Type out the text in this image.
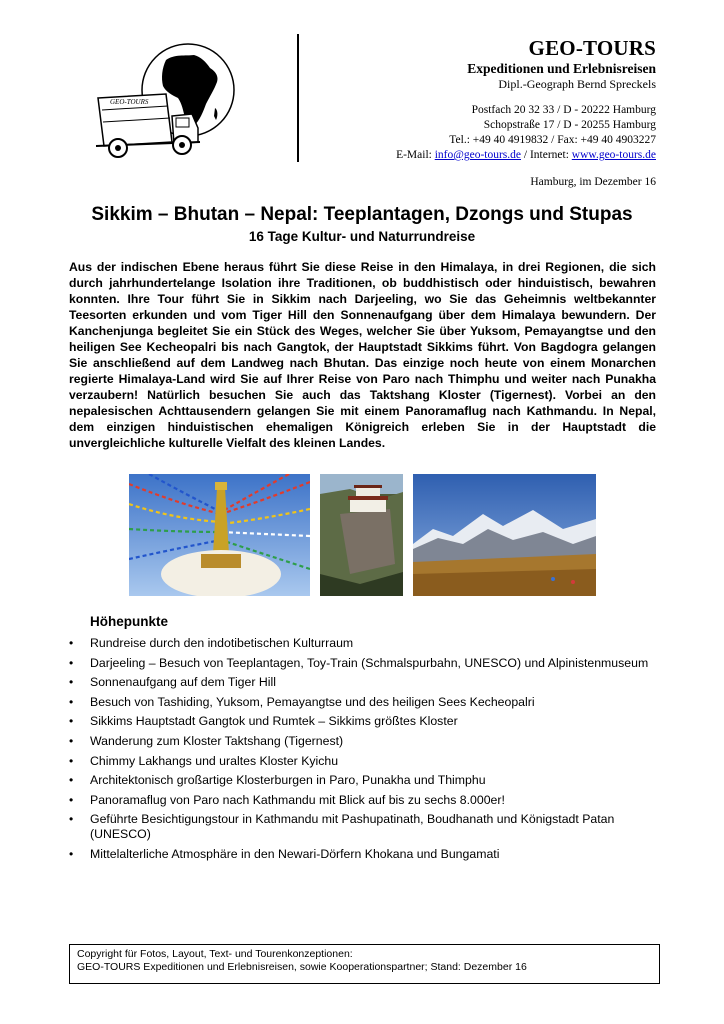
GEO-TOURS
GEO-TOURS
Expeditionen und Erlebnisreisen
Dipl.-Geograph Bernd Spreckels
Postfach 20 32 33 / D - 20222 Hamburg
Schopstraße 17 / D - 20255 Hamburg
Tel.: +49 40 4919832 / Fax: +49 40 4903227
E-Mail: info@geo-tours.de / Internet: www.geo-tours.de
Hamburg, im Dezember 16
Sikkim – Bhutan – Nepal: Teeplantagen, Dzongs und Stupas
16 Tage Kultur- und Naturrundreise

Aus der indischen Ebene heraus führt Sie diese Reise in den Himalaya, in drei Regionen, die sich durch jahrhundertelange Isolation ihre Traditionen, ob buddhistisch oder hinduistisch, bewahren konnten. Ihre Tour führt Sie in Sikkim nach Darjeeling, wo Sie das Geheimnis weltbekannter Teesorten erkunden und vom Tiger Hill den Sonnenaufgang über dem Himalaya bewundern. Der Kanchenjunga begleitet Sie ein Stück des Weges, welcher Sie über Yuksom, Pemayangtse und den heiligen See Kecheopalri bis nach Gangtok, der Hauptstadt Sikkims führt. Von Bagdogra gelangen Sie anschließend auf dem Landweg nach Bhutan. Das einzige noch heute von einem Monarchen regierte Himalaya-Land wird Sie auf Ihrer Reise von Paro nach Thimphu und weiter nach Punakha verzaubern! Natürlich besuchen Sie auch das Taktshang Kloster (Tigernest). Vorbei an den nepalesischen Achttausendern gelangen Sie mit einem Panoramaflug nach Kathmandu. In Nepal, dem einzigen hinduistischen ehemaligen Königreich erleben Sie in der Hauptstadt die unvergleichliche kulturelle Vielfalt des kleinen Landes.

Höhepunkte
• Rundreise durch den indotibetischen Kulturraum
• Darjeeling – Besuch von Teeplantagen, Toy-Train (Schmalspurbahn, UNESCO) und Alpinistenmuseum
• Sonnenaufgang auf dem Tiger Hill
• Besuch von Tashiding, Yuksom, Pemayangtse und des heiligen Sees Kecheopalri
• Sikkims Hauptstadt Gangtok und Rumtek – Sikkims größtes Kloster
• Wanderung zum Kloster Taktshang (Tigernest)
• Chimmy Lakhangs und uraltes Kloster Kyichu
• Architektonisch großartige Klosterburgen in Paro, Punakha und Thimphu
• Panoramaflug von Paro nach Kathmandu mit Blick auf bis zu sechs 8.000er!
• Geführte Besichtigungstour in Kathmandu mit Pashupatinath, Boudhanath und Königstadt Patan (UNESCO)
• Mittelalterliche Atmosphäre in den Newari-Dörfern Khokana und Bungamati
Copyright für Fotos, Layout, Text- und Tourenkonzeptionen:
GEO-TOURS Expeditionen und Erlebnisreisen, sowie Kooperationspartner; Stand: Dezember 16
